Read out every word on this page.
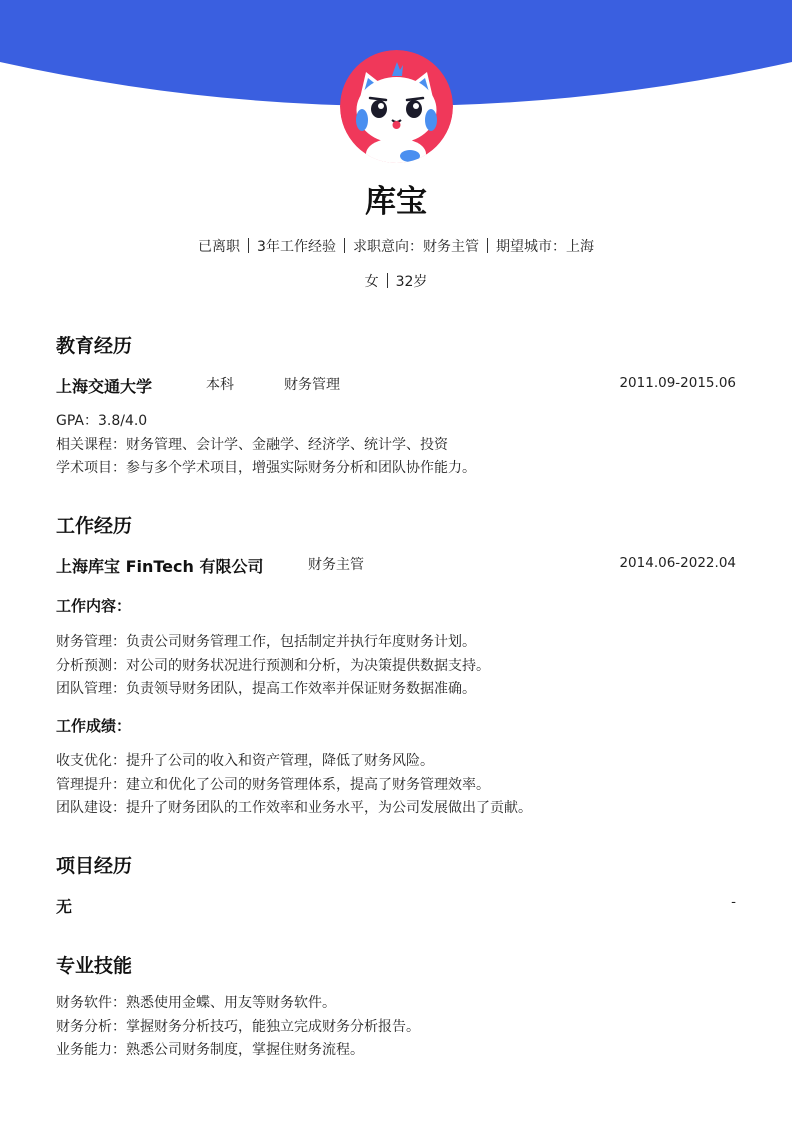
库宝
已离职 3年工作经验 求职意向：财务主管 期望城市：上海
女 32岁
教育经历
上海交通大学	本科	财务管理	2011.09-2015.06
GPA：3.8/4.0
相关课程：财务管理、会计学、金融学、经济学、统计学、投资
学术项目：参与多个学术项目，增强实际财务分析和团队协作能力。
工作经历
上海库宝 FinTech 有限公司	财务主管	2014.06-2022.04
工作内容：
财务管理：负责公司财务管理工作，包括制定并执行年度财务计划。
分析预测：对公司的财务状况进行预测和分析，为决策提供数据支持。
团队管理：负责领导财务团队，提高工作效率并保证财务数据准确。
工作成绩：
收支优化：提升了公司的收入和资产管理，降低了财务风险。
管理提升：建立和优化了公司的财务管理体系，提高了财务管理效率。
团队建设：提升了财务团队的工作效率和业务水平，为公司发展做出了贡献。
项目经历
无	-
专业技能
财务软件：熟悉使用金蝶、用友等财务软件。
财务分析：掌握财务分析技巧，能独立完成财务分析报告。
业务能力：熟悉公司财务制度，掌握住财务流程。
